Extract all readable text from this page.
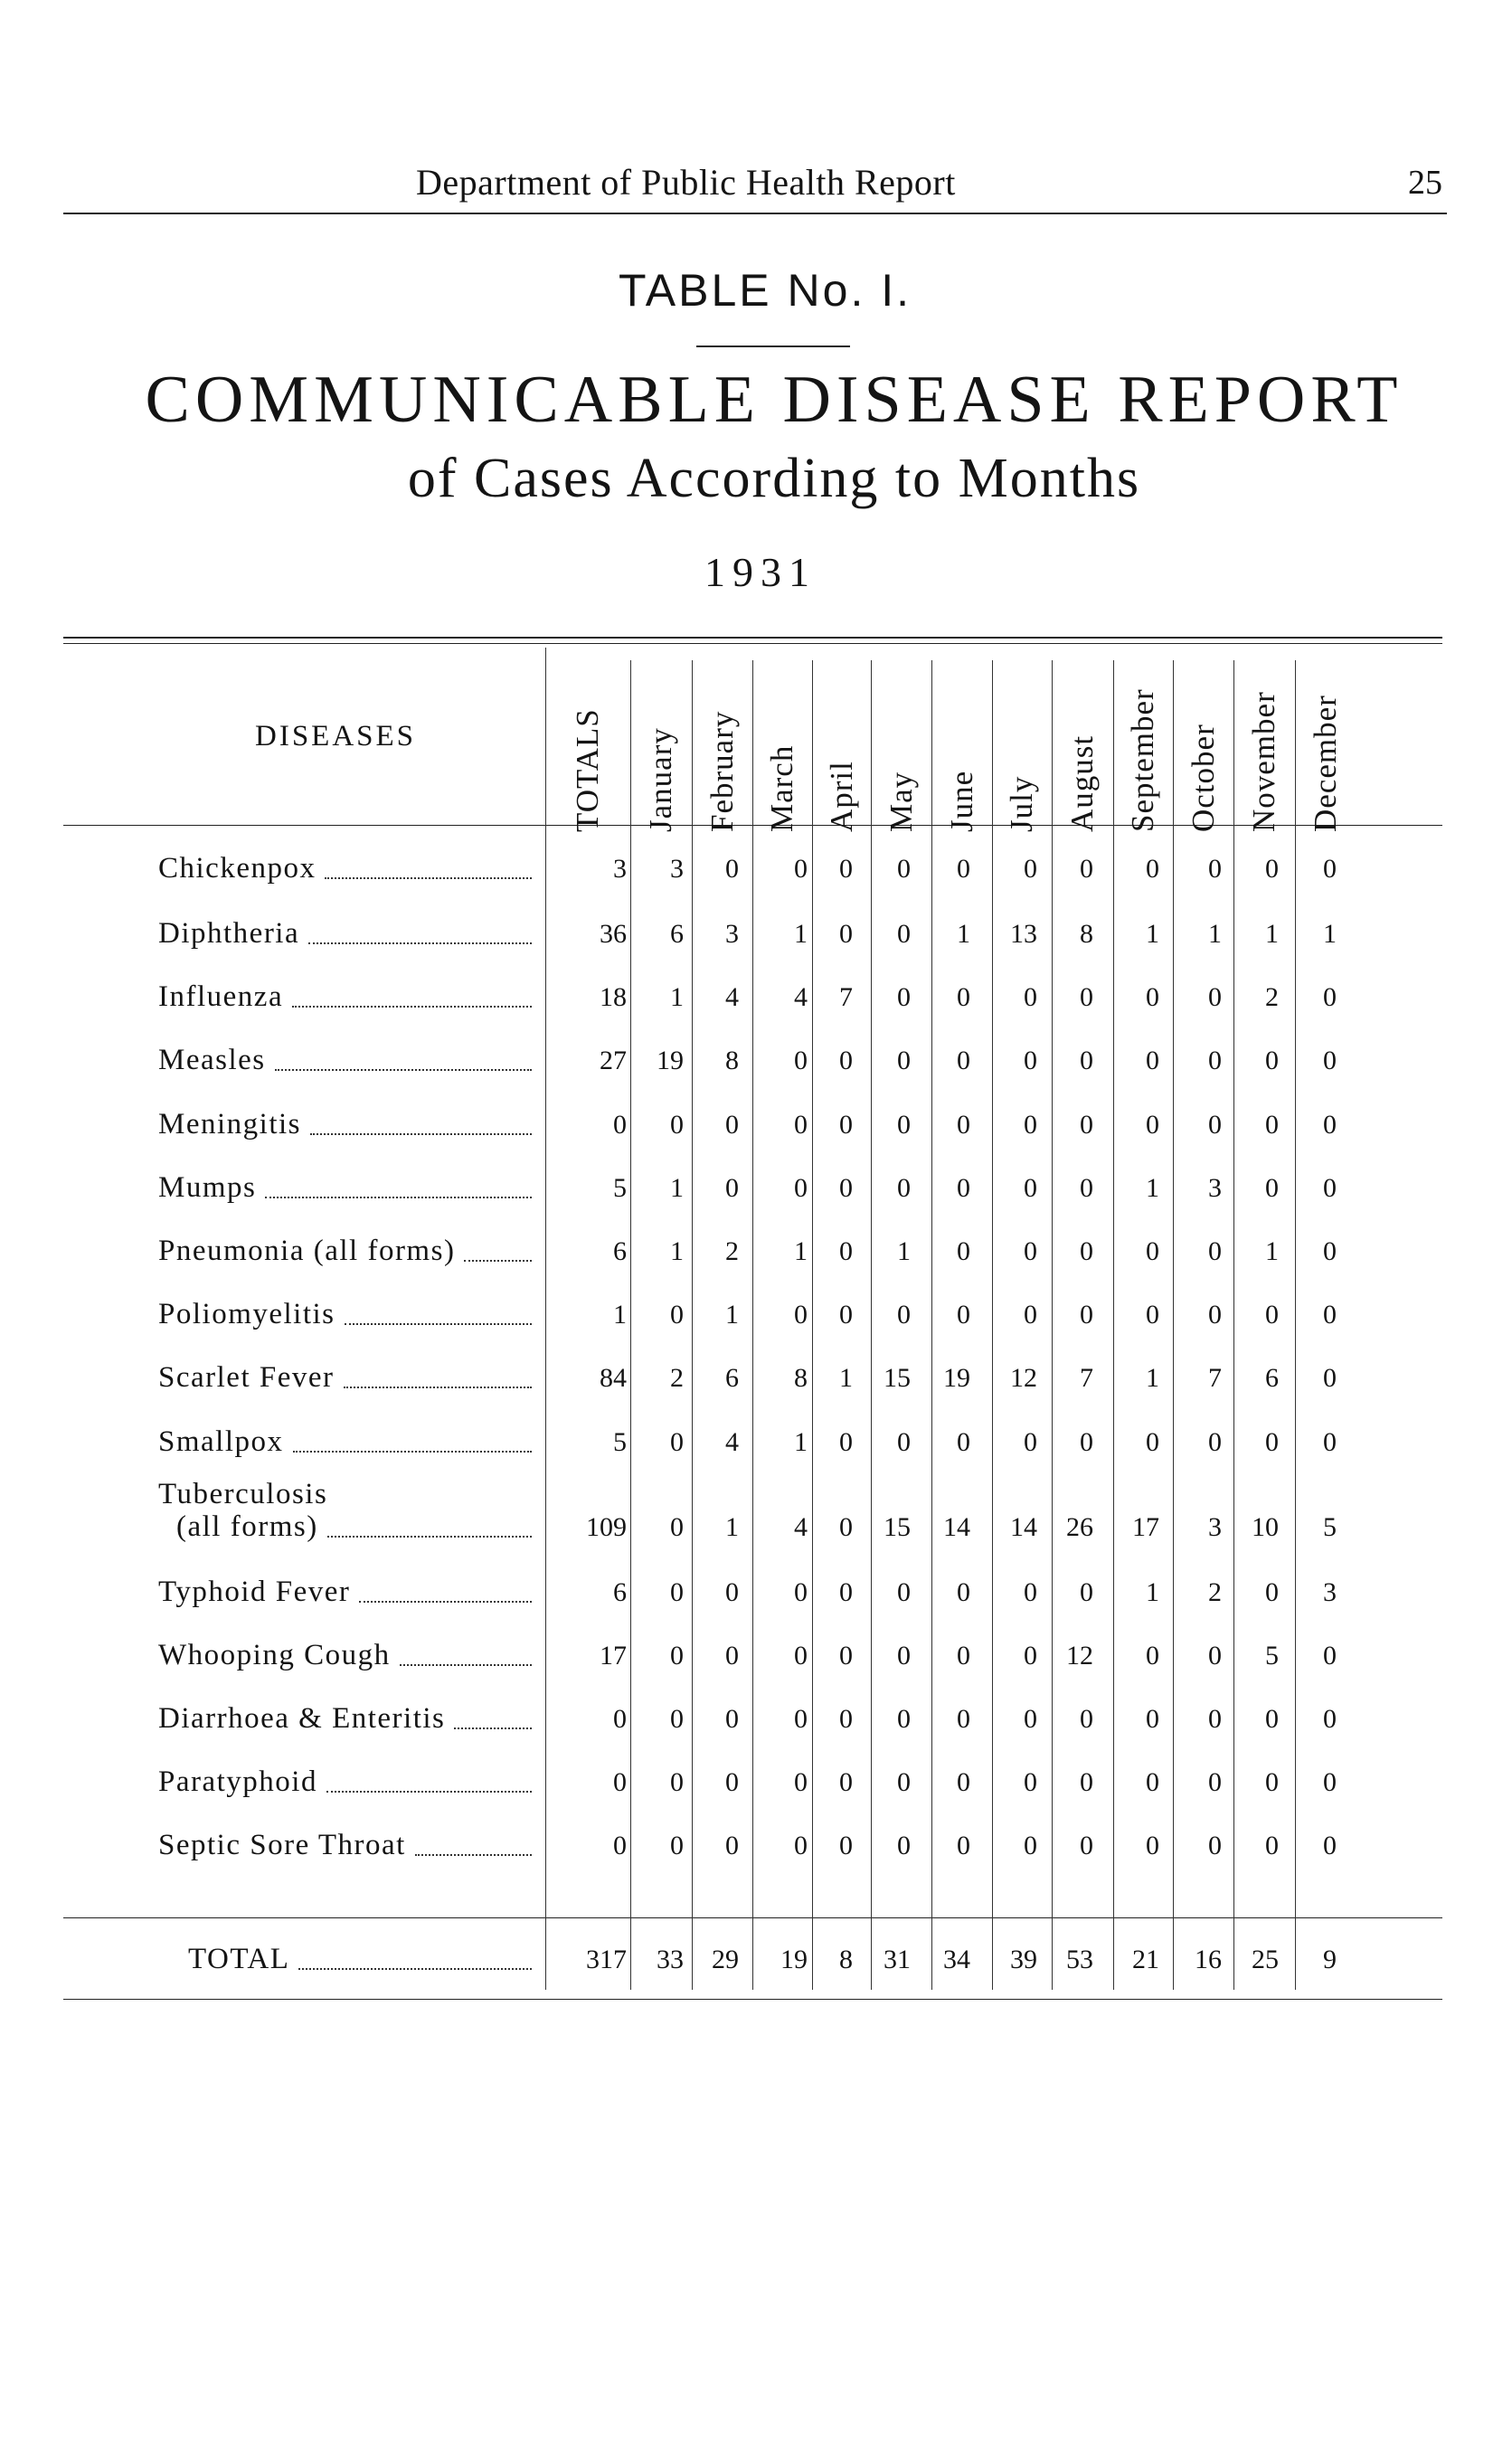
Department of Public Health Report	25
TABLE No. I.
COMMUNICABLE DISEASE REPORT
of Cases According to Months
1931
DISEASES	TOTALS	January February March April May June July August September October November December
Chickenpox	3	3	0	0	0	0	0	0	0	0	0	0	0
Diphtheria	36	6	3	1	0	0	1	13	8	1	1	1	1
Influenza	18	1	4	4	7	0	0	0	0	0	0	2	0
Measles	27	19	8	0	0	0	0	0	0	0	0	0	0
Meningitis	0	0	0	0	0	0	0	0	0	0	0	0	0
Mumps	5	1	0	0	0	0	0	0	0	1	3	0	0
Pneumonia (all forms)	6	1	2	1	0	1	0	0	0	0	0	1	0
Poliomyelitis	1	0	1	0	0	0	0	0	0	0	0	0	0
Scarlet Fever	84	2	6	8	1	15	19	12	7	1	7	6	0
Smallpox	5	0	4	1	0	0	0	0	0	0	0	0	0
Tuberculosis
(all forms)	109	0	1	4	0	15	14	14	26	17	3	10	5
Typhoid Fever	6	0	0	0	0	0	0	0	0	1	2	0	3
Whooping Cough	17	0	0	0	0	0	0	0	12	0	0	5	0
Diarrhoea & Enteritis	0	0	0	0	0	0	0	0	0	0	0	0	0
Paratyphoid	0	0	0	0	0	0	0	0	0	0	0	0	0
Septic Sore Throat	0	0	0	0	0	0	0	0	0	0	0	0	0
TOTAL	317	33	29	19	8	31	34	39	53	21	16	25	9
